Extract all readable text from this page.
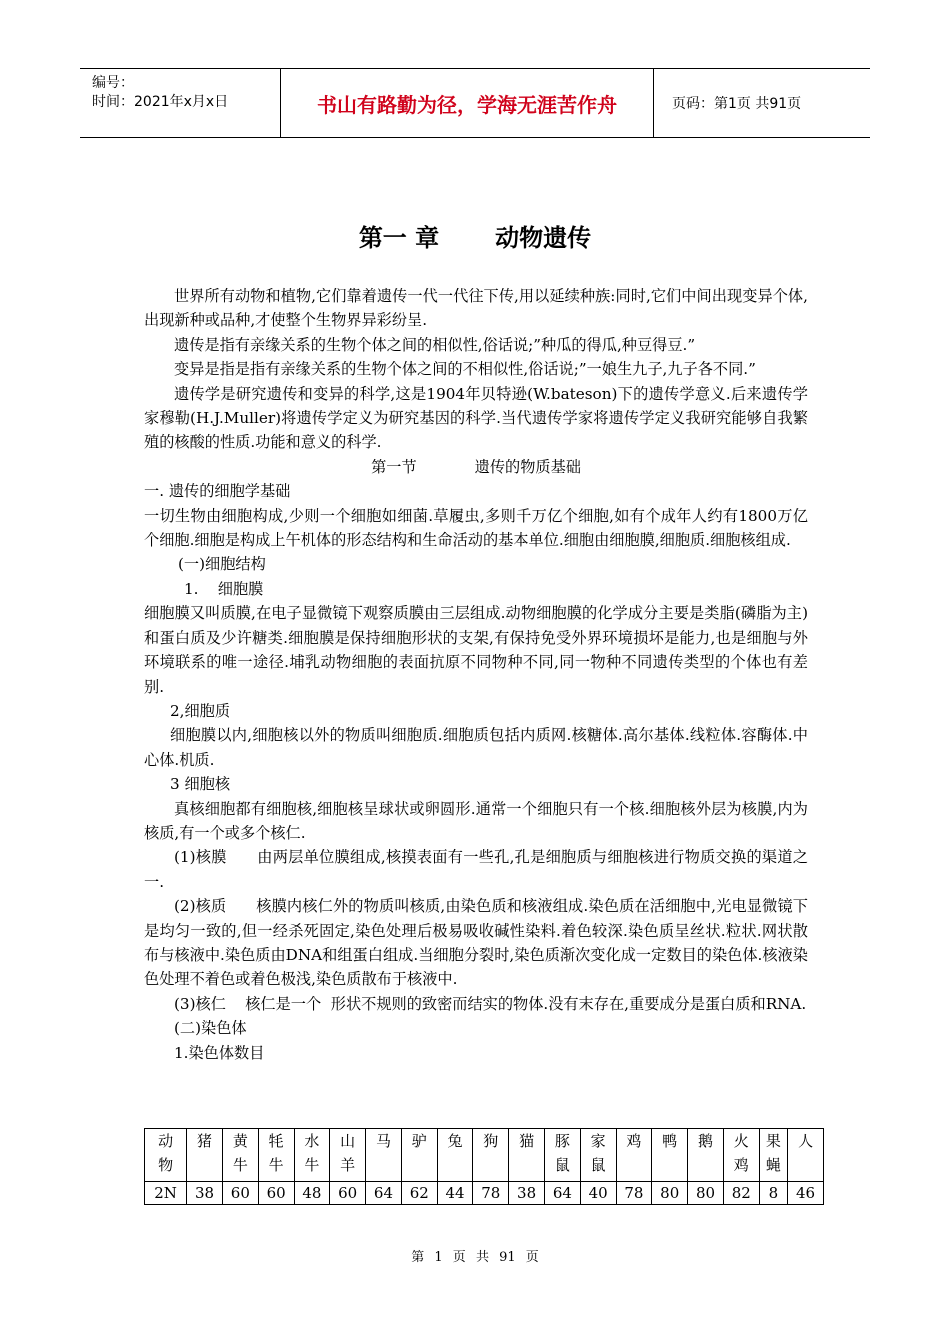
编号：
时间：2021年x月x日	书山有路勤为径，学海无涯苦作舟	页码：第1页 共91页
第一 章 动物遗传

世界所有动物和植物,它们靠着遗传一代一代往下传,用以延续种族:同时,它们中间出现变异个体,出现新种或品种,才使整个生物界异彩纷呈.

遗传是指有亲缘关系的生物个体之间的相似性,俗话说;”种瓜的得瓜,种豆得豆.”

变异是指是指有亲缘关系的生物个体之间的不相似性,俗话说;”一娘生九子,九子各不同.”

遗传学是研究遗传和变异的科学,这是1904年贝特逊(W.bateson)下的遗传学意义.后来遗传学家穆勒(H.J.Muller)将遗传学定义为研究基因的科学.当代遗传学家将遗传学定义我研究能够自我繁殖的核酸的性质.功能和意义的科学.

第一节	遗传的物质基础

一. 遗传的细胞学基础

一切生物由细胞构成,少则一个细胞如细菌.草履虫,多则千万亿个细胞,如有个成年人约有1800万亿个细胞.细胞是构成上午机体的形态结构和生命活动的基本单位.细胞由细胞膜,细胞质.细胞核组成.

(一)细胞结构

1.    细胞膜

细胞膜又叫质膜,在电子显微镜下观察质膜由三层组成.动物细胞膜的化学成分主要是类脂(磷脂为主)和蛋白质及少许糖类.细胞膜是保持细胞形状的支架,有保持免受外界环境损坏是能力,也是细胞与外环境联系的唯一途径.埔乳动物细胞的表面抗原不同物种不同,同一物种不同遗传类型的个体也有差别.

2,细胞质

细胞膜以内,细胞核以外的物质叫细胞质.细胞质包括内质网.核糖体.高尔基体.线粒体.容酶体.中心体.机质.

3 细胞核

真核细胞都有细胞核,细胞核呈球状或卵圆形.通常一个细胞只有一个核.细胞核外层为核膜,内为核质,有一个或多个核仁.

(1)核膜      由两层单位膜组成,核摸表面有一些孔,孔是细胞质与细胞核进行物质交换的渠道之一.

(2)核质      核膜内核仁外的物质叫核质,由染色质和核液组成.染色质在活细胞中,光电显微镜下是均匀一致的,但一经杀死固定,染色处理后极易吸收碱性染料.着色较深.染色质呈丝状.粒状.网状散布与核液中.染色质由DNA和组蛋白组成.当细胞分裂时,染色质渐次变化成一定数目的染色体.核液染色处理不着色或着色极浅,染色质散布于核液中.

(3)核仁    核仁是一个  形状不规则的致密而结实的物体.没有末存在,重要成分是蛋白质和RNA.

(二)染色体

1.染色体数目

动物	猪	黄牛	牦牛	水牛	山羊	马	驴	兔	狗	猫	豚鼠	家鼠	鸡	鸭	鹅	火鸡	果蝇	人

2N	38	60	60	48	60	64	62	44	78	38	64	40	78	80	80	82	8	46
第 1 页 共 91 页
